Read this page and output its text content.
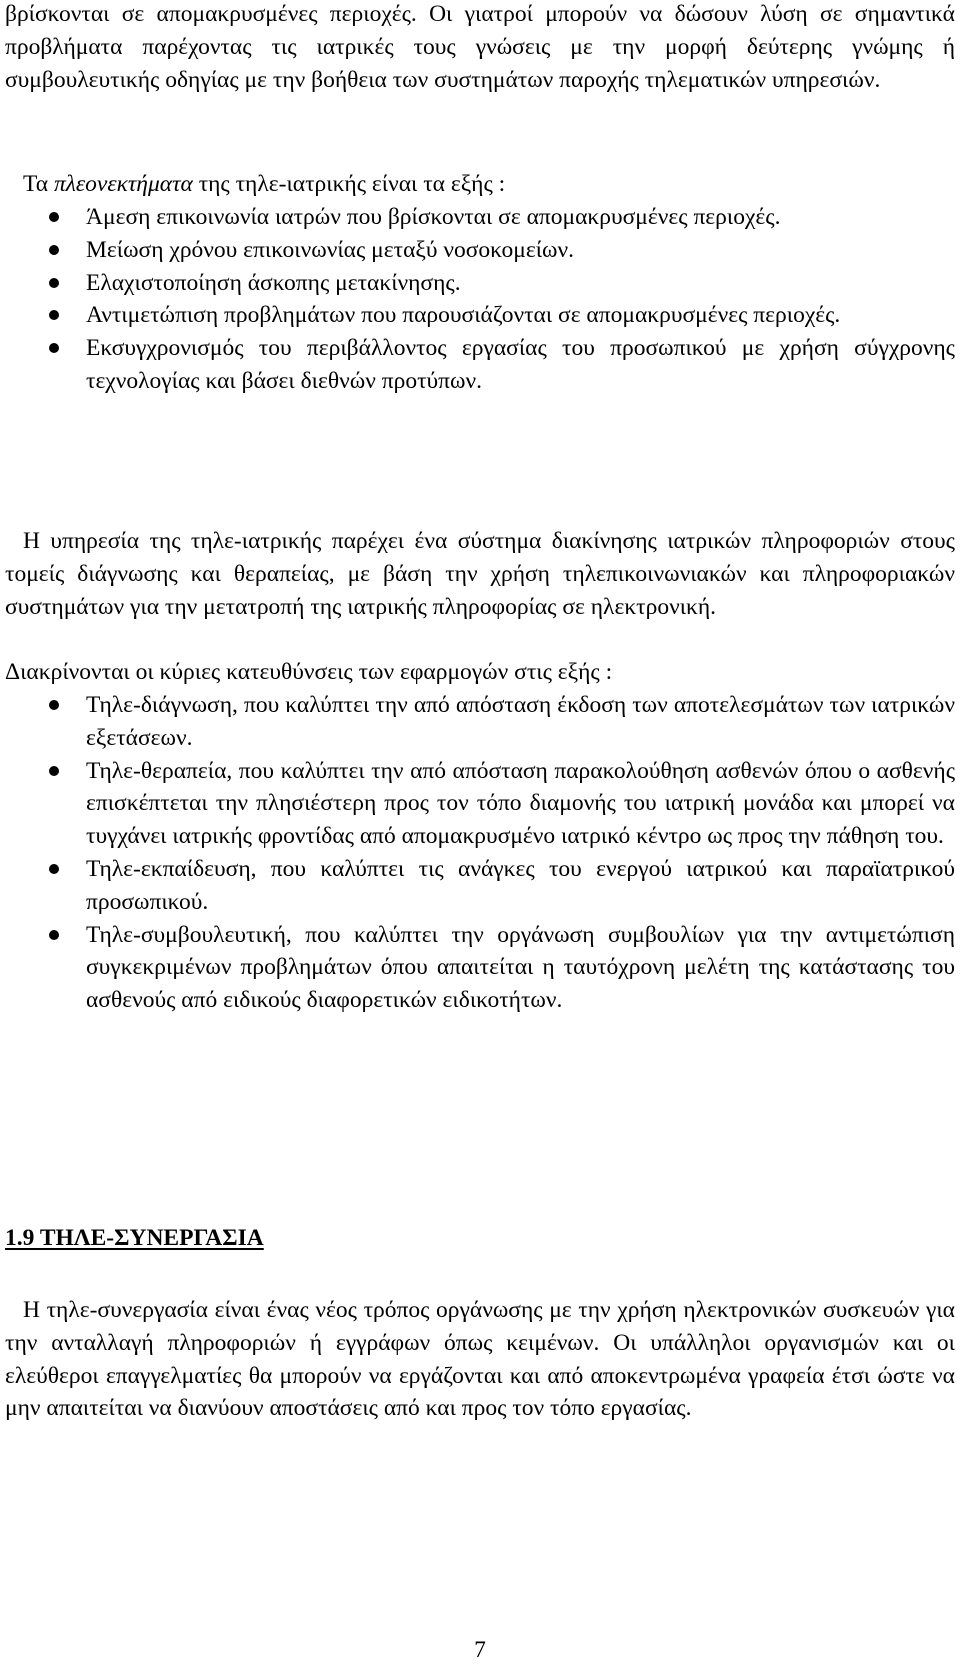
βρίσκονται σε απομακρυσμένες περιοχές. Οι γιατροί μπορούν να δώσουν λύση σε σημαντικά προβλήματα παρέχοντας τις ιατρικές τους γνώσεις με την μορφή δεύτερης γνώμης ή συμβουλευτικής οδηγίας με την βοήθεια των συστημάτων παροχής τηλεματικών υπηρεσιών.

Τα πλεονεκτήματα της τηλε-ιατρικής είναι τα εξής :

Άμεση επικοινωνία ιατρών που βρίσκονται σε απομακρυσμένες περιοχές.
Μείωση χρόνου επικοινωνίας μεταξύ νοσοκομείων.
Ελαχιστοποίηση άσκοπης μετακίνησης.
Αντιμετώπιση προβλημάτων που παρουσιάζονται σε απομακρυσμένες περιοχές.
Εκσυγχρονισμός του περιβάλλοντος εργασίας του προσωπικού με χρήση σύγχρονης τεχνολογίας και βάσει διεθνών προτύπων.

Η υπηρεσία της τηλε-ιατρικής παρέχει ένα σύστημα διακίνησης ιατρικών πληροφοριών στους τομείς διάγνωσης και θεραπείας, με βάση την χρήση τηλεπικοινωνιακών και πληροφοριακών συστημάτων για την μετατροπή της ιατρικής πληροφορίας σε ηλεκτρονική.

Διακρίνονται οι κύριες κατευθύνσεις των εφαρμογών στις εξής :

Τηλε-διάγνωση, που καλύπτει την από απόσταση έκδοση των αποτελεσμάτων των ιατρικών εξετάσεων.
Τηλε-θεραπεία, που καλύπτει την από απόσταση παρακολούθηση ασθενών όπου ο ασθενής επισκέπτεται την πλησιέστερη προς τον τόπο διαμονής του ιατρική μονάδα και μπορεί να τυγχάνει ιατρικής φροντίδας από απομακρυσμένο ιατρικό κέντρο ως προς την πάθηση του.
Τηλε-εκπαίδευση, που καλύπτει τις ανάγκες του ενεργού ιατρικού και παραϊατρικού προσωπικού.
Τηλε-συμβουλευτική, που καλύπτει την οργάνωση συμβουλίων για την αντιμετώπιση συγκεκριμένων προβλημάτων όπου απαιτείται η ταυτόχρονη μελέτη της κατάστασης του ασθενούς από ειδικούς διαφορετικών ειδικοτήτων.
1.9 ΤΗΛΕ-ΣΥΝΕΡΓΑΣΙΑ

Η τηλε-συνεργασία είναι ένας νέος τρόπος οργάνωσης με την χρήση ηλεκτρονικών συσκευών για την ανταλλαγή πληροφοριών ή εγγράφων όπως κειμένων. Οι υπάλληλοι οργανισμών και οι ελεύθεροι επαγγελματίες θα μπορούν να εργάζονται και από αποκεντρωμένα γραφεία έτσι ώστε να μην απαιτείται να διανύουν αποστάσεις από και προς τον τόπο εργασίας.

7
